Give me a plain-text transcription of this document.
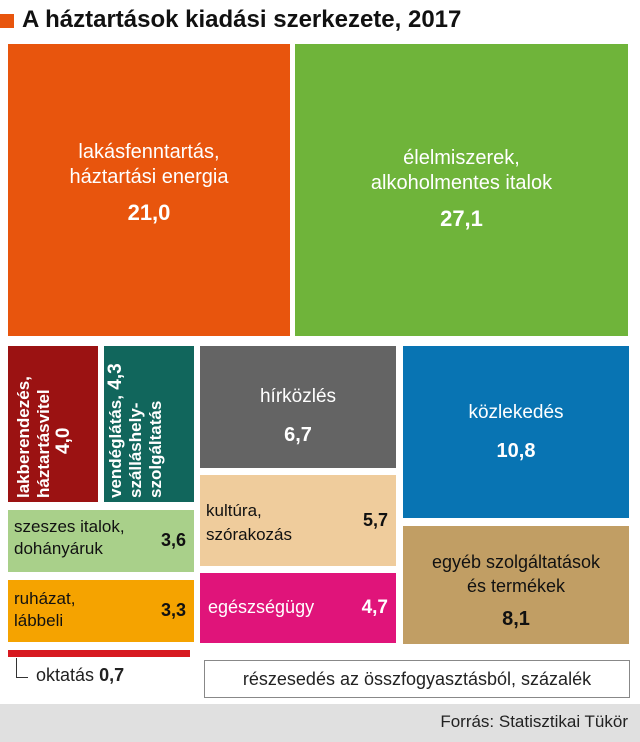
A háztartások kiadási szerkezete, 2017
lakásfenntartás,
háztartási energia
21,0
élelmiszerek,
alkoholmentes italok
27,1
lakberendezés, háztartásvitel 4,0 vendéglátás, 4,3
szálláshely- szolgáltatás
szeszes italok,
dohányáruk	3,6
ruházat,
lábbeli
3,3
hírközlés
6,7
közlekedés
10,8
kultúra,
szórakozás
5,7
egészségügy	4,7
egyéb szolgáltatások
és termékek
8,1
oktatás 0,7	részesedés az összfogyasztásból, százalék
Forrás: Statisztikai Tükör
